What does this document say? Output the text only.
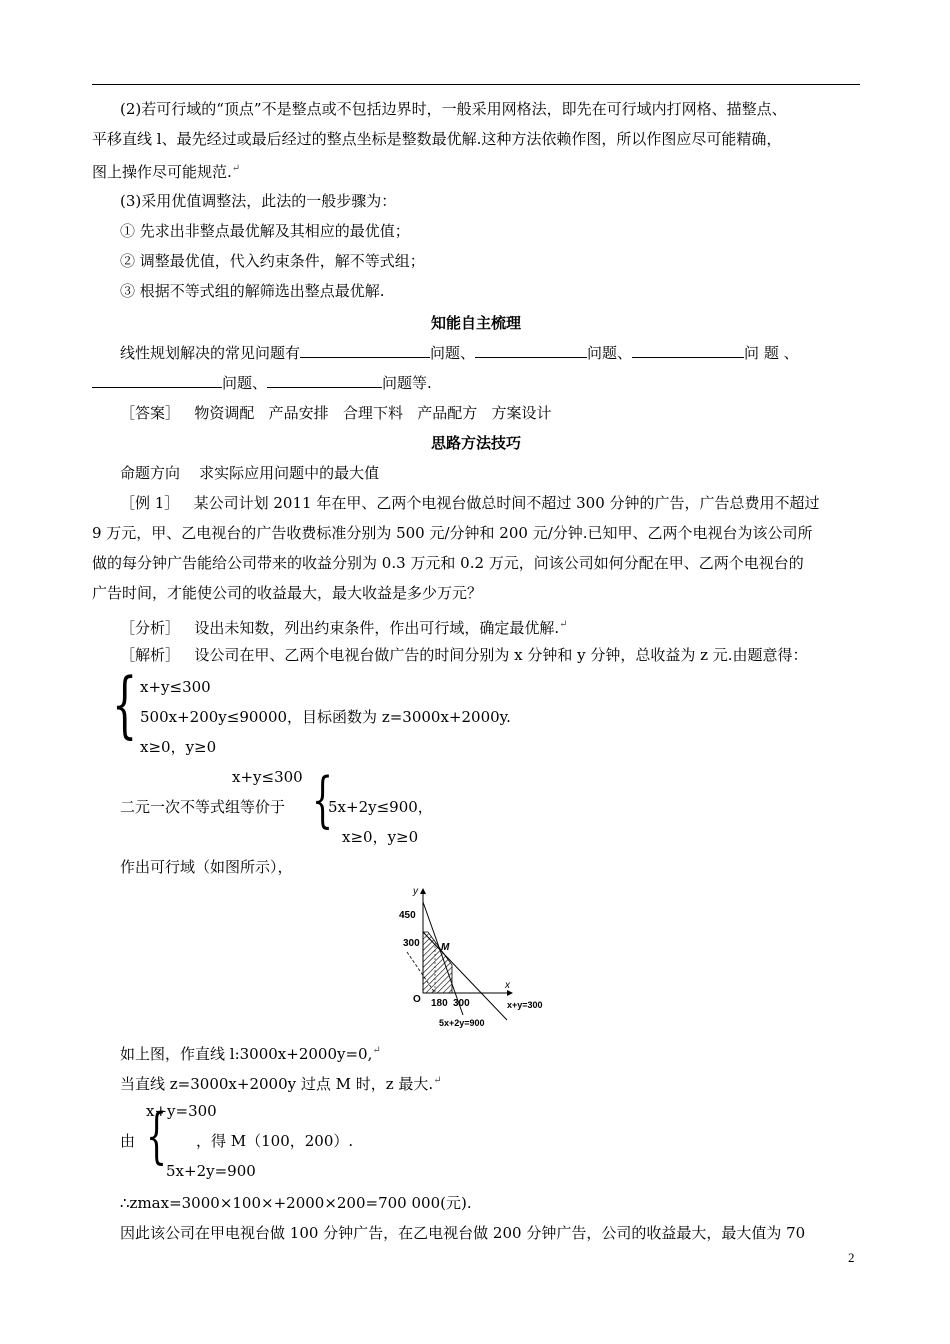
(2)若可行域的“顶点”不是整点或不包括边界时，一般采用网格法，即先在可行域内打网格、描整点、
平移直线 l、最先经过或最后经过的整点坐标是整数最优解.这种方法依赖作图，所以作图应尽可能精确，
图上操作尽可能规范.↵
(3)采用优值调整法，此法的一般步骤为：
① 先求出非整点最优解及其相应的最优值；
② 调整最优值，代入约束条件，解不等式组；
③ 根据不等式组的解筛选出整点最优解.
知能自主梳理
线性规划解决的常见问题有	问题、	问题、	问 题 、
问题、	问题等.
［答案］ 物资调配   产品安排   合理下料   产品配方   方案设计
思路方法技巧
命题方向    求实际应用问题中的最大值
［例 1］ 某公司计划 2011 年在甲、乙两个电视台做总时间不超过 300 分钟的广告，广告总费用不超过
9 万元，甲、乙电视台的广告收费标准分别为 500 元/分钟和 200 元/分钟.已知甲、乙两个电视台为该公司所
做的每分钟广告能给公司带来的收益分别为 0.3 万元和 0.2 万元，问该公司如何分配在甲、乙两个电视台的
广告时间，才能使公司的收益最大，最大收益是多少万元？
［分析］ 设出未知数，列出约束条件，作出可行域，确定最优解.↵
［解析］ 设公司在甲、乙两个电视台做广告的时间分别为 x 分钟和 y 分钟，总收益为 z 元.由题意得：
{ x+y≤300
500x+200y≤90000，目标函数为 z=3000x+2000y.
x≥0，y≥0
x+y≤300
二元一次不等式组等价于 {
5x+2y≤900，
x≥0，y≥0
作出可行域（如图所示），
y
x
O
450
300
180 300
M
x+y=300
5x+2y=900
如上图，作直线 l:3000x+2000y=0,↵
当直线 z=3000x+2000y 过点 M 时，z 最大.↵
x+y=300
由 { ，得 M（100，200）.
5x+2y=900
∴zmax=3000×100×+2000×200=700 000(元).
因此该公司在甲电视台做 100 分钟广告，在乙电视台做 200 分钟广告，公司的收益最大，最大值为 70
2
